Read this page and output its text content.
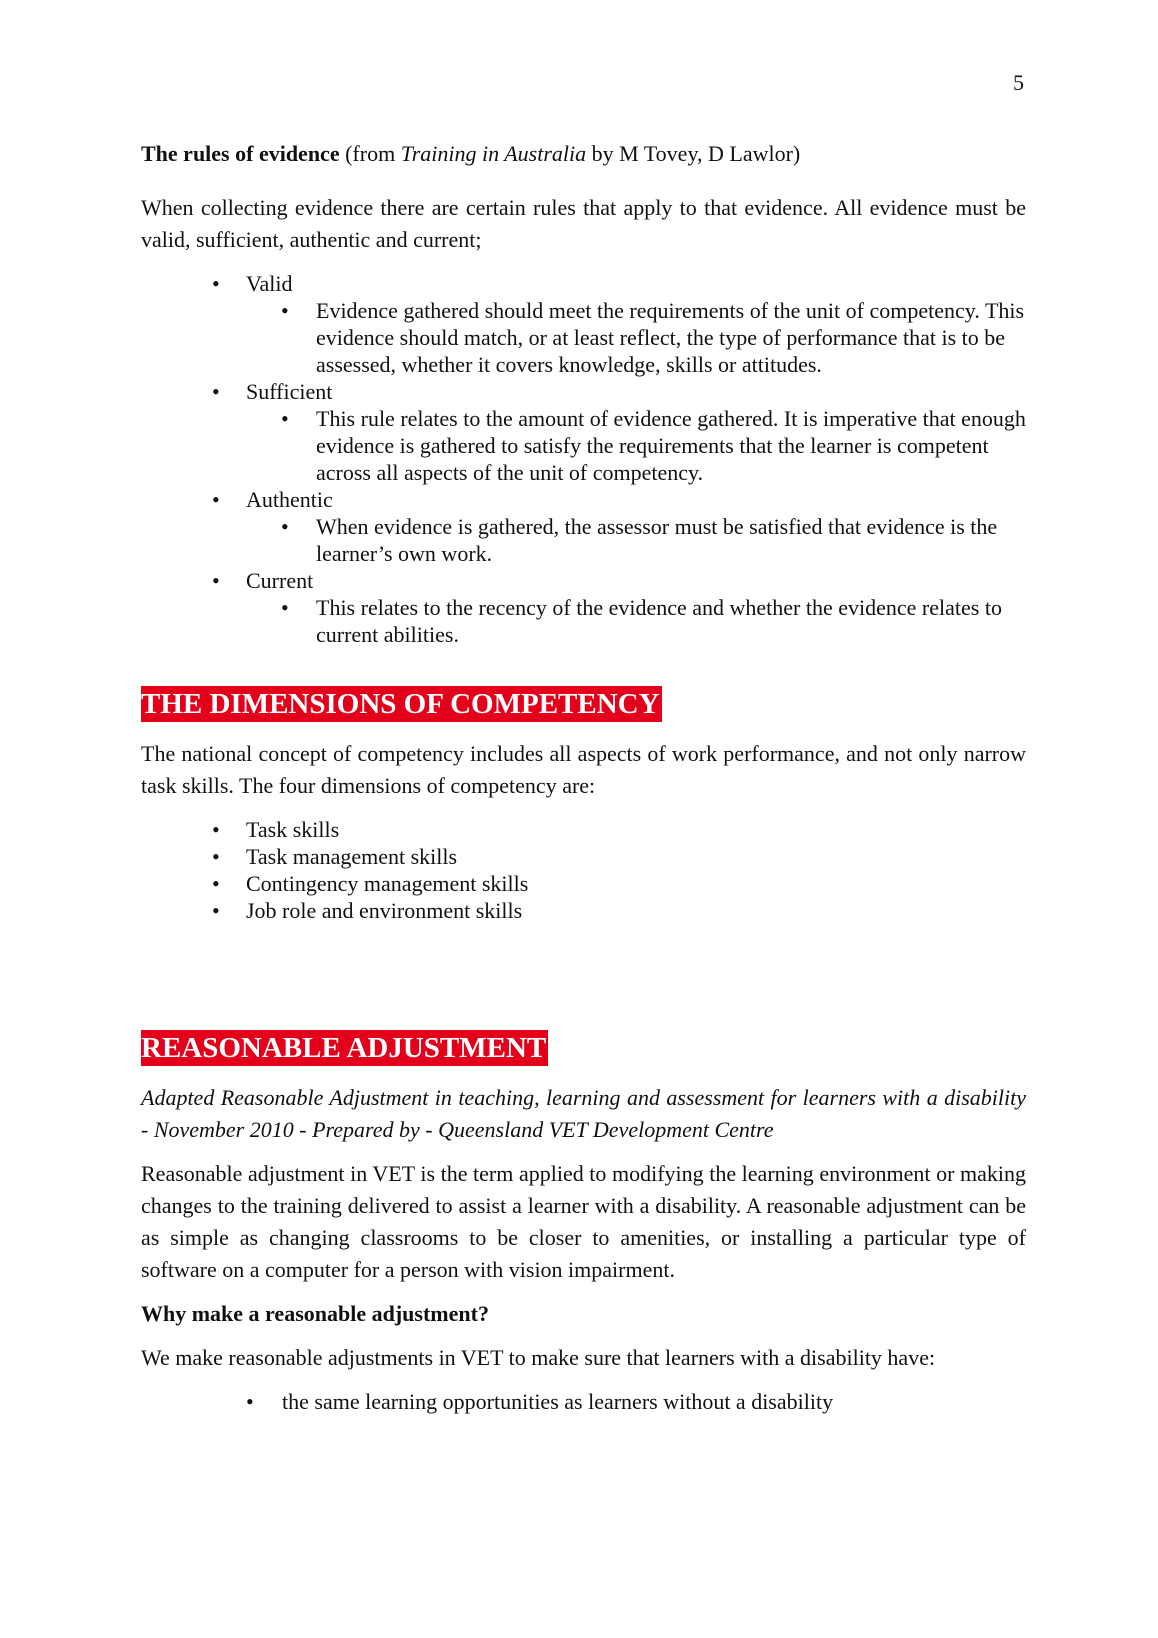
5

The rules of evidence (from Training in Australia by M Tovey, D Lawlor)

When collecting evidence there are certain rules that apply to that evidence. All evidence must be valid, sufficient, authentic and current;

• Valid
• Evidence gathered should meet the requirements of the unit of competency. This evidence should match, or at least reflect, the type of performance that is to be assessed, whether it covers knowledge, skills or attitudes.
• Sufficient
• This rule relates to the amount of evidence gathered. It is imperative that enough evidence is gathered to satisfy the requirements that the learner is competent across all aspects of the unit of competency.
• Authentic
• When evidence is gathered, the assessor must be satisfied that evidence is the learner’s own work.
• Current
• This relates to the recency of the evidence and whether the evidence relates to current abilities.
THE DIMENSIONS OF COMPETENCY

The national concept of competency includes all aspects of work performance, and not only narrow task skills. The four dimensions of competency are:

• Task skills
• Task management skills
• Contingency management skills
• Job role and environment skills
REASONABLE ADJUSTMENT

Adapted Reasonable Adjustment in teaching, learning and assessment for learners with a disability - November 2010 - Prepared by - Queensland VET Development Centre

Reasonable adjustment in VET is the term applied to modifying the learning environment or making changes to the training delivered to assist a learner with a disability. A reasonable adjustment can be as simple as changing classrooms to be closer to amenities, or installing a particular type of software on a computer for a person with vision impairment.

Why make a reasonable adjustment?

We make reasonable adjustments in VET to make sure that learners with a disability have:

• the same learning opportunities as learners without a disability
